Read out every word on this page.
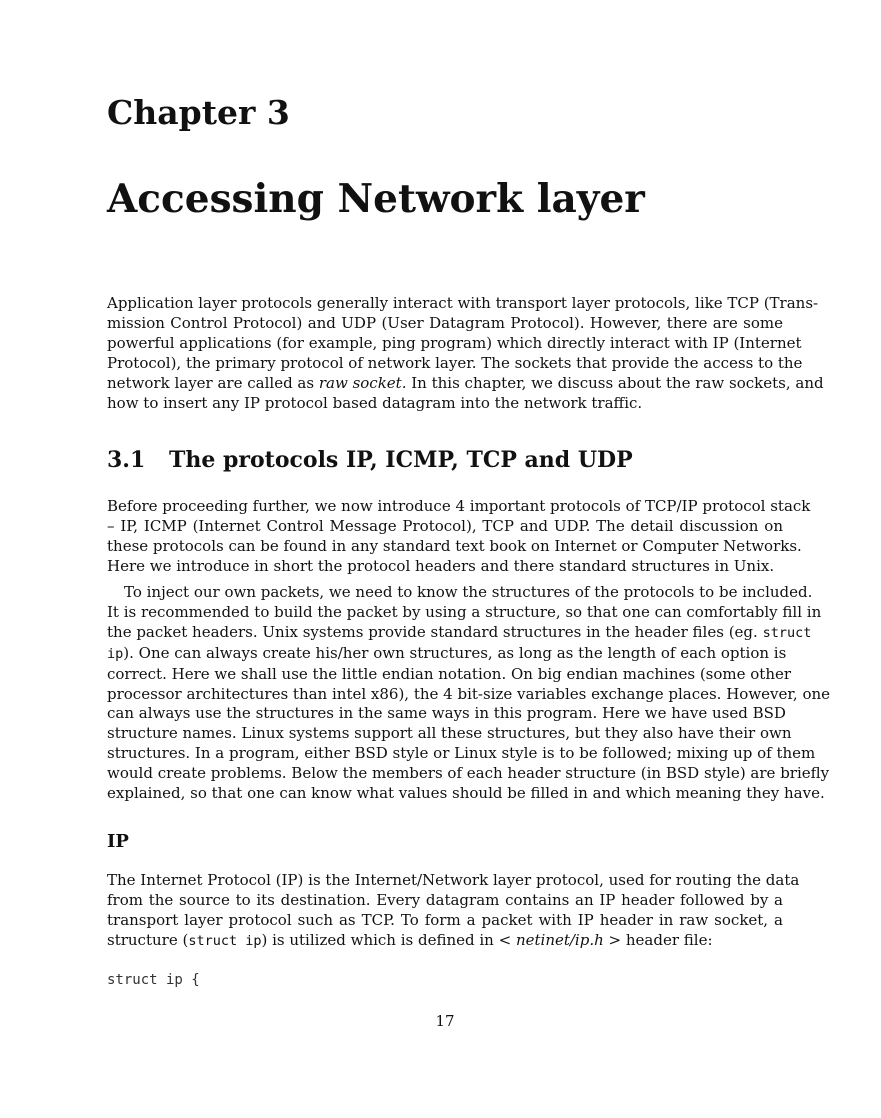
Chapter 3
Accessing Network layer

Application layer protocols generally interact with transport layer protocols, like TCP (Trans-
mission Control Protocol) and UDP (User Datagram Protocol). However, there are some
powerful applications (for example, ping program) which directly interact with IP (Internet
Protocol), the primary protocol of network layer. The sockets that provide the access to the
network layer are called as raw socket. In this chapter, we discuss about the raw sockets, and
how to insert any IP protocol based datagram into the network traffic.

3.1 The protocols IP, ICMP, TCP and UDP

Before proceeding further, we now introduce 4 important protocols of TCP/IP protocol stack
– IP, ICMP (Internet Control Message Protocol), TCP and UDP. The detail discussion on
these protocols can be found in any standard text book on Internet or Computer Networks.
Here we introduce in short the protocol headers and there standard structures in Unix.

To inject our own packets, we need to know the structures of the protocols to be included.
It is recommended to build the packet by using a structure, so that one can comfortably fill in
the packet headers. Unix systems provide standard structures in the header files (eg. struct
ip). One can always create his/her own structures, as long as the length of each option is
correct. Here we shall use the little endian notation. On big endian machines (some other
processor architectures than intel x86), the 4 bit-size variables exchange places. However, one
can always use the structures in the same ways in this program. Here we have used BSD
structure names. Linux systems support all these structures, but they also have their own
structures. In a program, either BSD style or Linux style is to be followed; mixing up of them
would create problems. Below the members of each header structure (in BSD style) are briefly
explained, so that one can know what values should be filled in and which meaning they have.

IP

The Internet Protocol (IP) is the Internet/Network layer protocol, used for routing the data
from the source to its destination. Every datagram contains an IP header followed by a
transport layer protocol such as TCP. To form a packet with IP header in raw socket, a
structure (struct ip) is utilized which is defined in < netinet/ip.h > header file:

struct ip {
17
